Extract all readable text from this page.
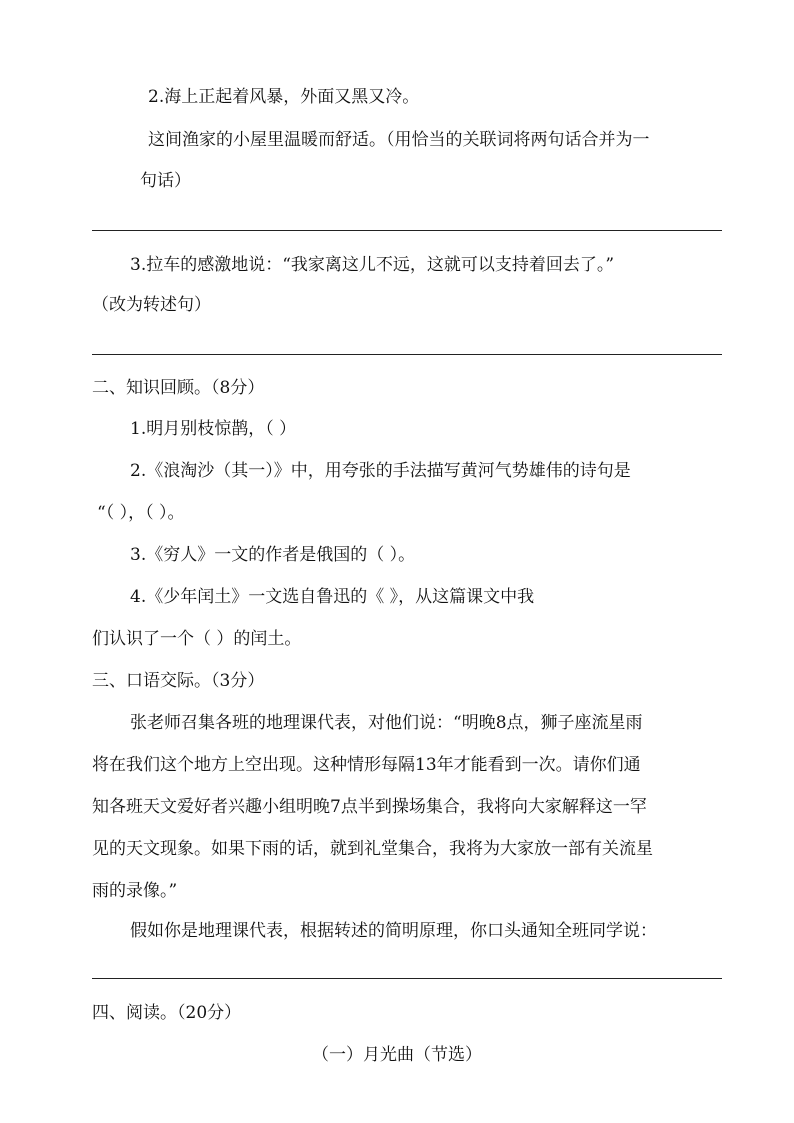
2.海上正起着风暴，外面又黑又冷。
这间渔家的小屋里温暖而舒适。（用恰当的关联词将两句话合并为一
句话）
3.拉车的感激地说：“我家离这儿不远，这就可以支持着回去了。”
（改为转述句）
二、知识回顾。（8分）
1.明月别枝惊鹊，（ ）
2.《浪淘沙（其一）》中，用夸张的手法描写黄河气势雄伟的诗句是
“（ ），（ ）。
3.《穷人》一文的作者是俄国的（ ）。
4.《少年闰土》一文选自鲁迅的《 》，从这篇课文中我
们认识了一个（ ）的闰土。
三、口语交际。（3分）
张老师召集各班的地理课代表，对他们说：“明晚8点，狮子座流星雨
将在我们这个地方上空出现。这种情形每隔13年才能看到一次。请你们通
知各班天文爱好者兴趣小组明晚7点半到操场集合，我将向大家解释这一罕
见的天文现象。如果下雨的话，就到礼堂集合，我将为大家放一部有关流星
雨的录像。”
假如你是地理课代表，根据转述的简明原理，你口头通知全班同学说：
四、阅读。（20分）
（一）月光曲（节选）
